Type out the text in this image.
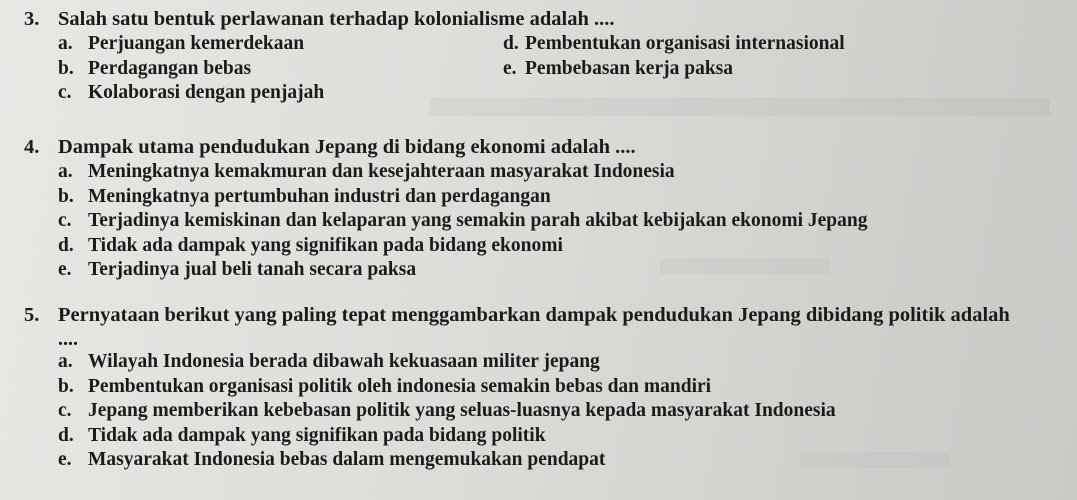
3. Salah satu bentuk perlawanan terhadap kolonialisme adalah ....
a. Perjuangan kemerdekaan
b. Perdagangan bebas
c. Kolaborasi dengan penjajah
d. Pembentukan organisasi internasional
e. Pembebasan kerja paksa
4. Dampak utama pendudukan Jepang di bidang ekonomi adalah ....
a. Meningkatnya kemakmuran dan kesejahteraan masyarakat Indonesia
b. Meningkatnya pertumbuhan industri dan perdagangan
c. Terjadinya kemiskinan dan kelaparan yang semakin parah akibat kebijakan ekonomi Jepang
d. Tidak ada dampak yang signifikan pada bidang ekonomi
e. Terjadinya jual beli tanah secara paksa
5. Pernyataan berikut yang paling tepat menggambarkan dampak pendudukan Jepang dibidang politik adalah
....
a. Wilayah Indonesia berada dibawah kekuasaan militer jepang
b. Pembentukan organisasi politik oleh indonesia semakin bebas dan mandiri
c. Jepang memberikan kebebasan politik yang seluas-luasnya kepada masyarakat Indonesia
d. Tidak ada dampak yang signifikan pada bidang politik
e. Masyarakat Indonesia bebas dalam mengemukakan pendapat
